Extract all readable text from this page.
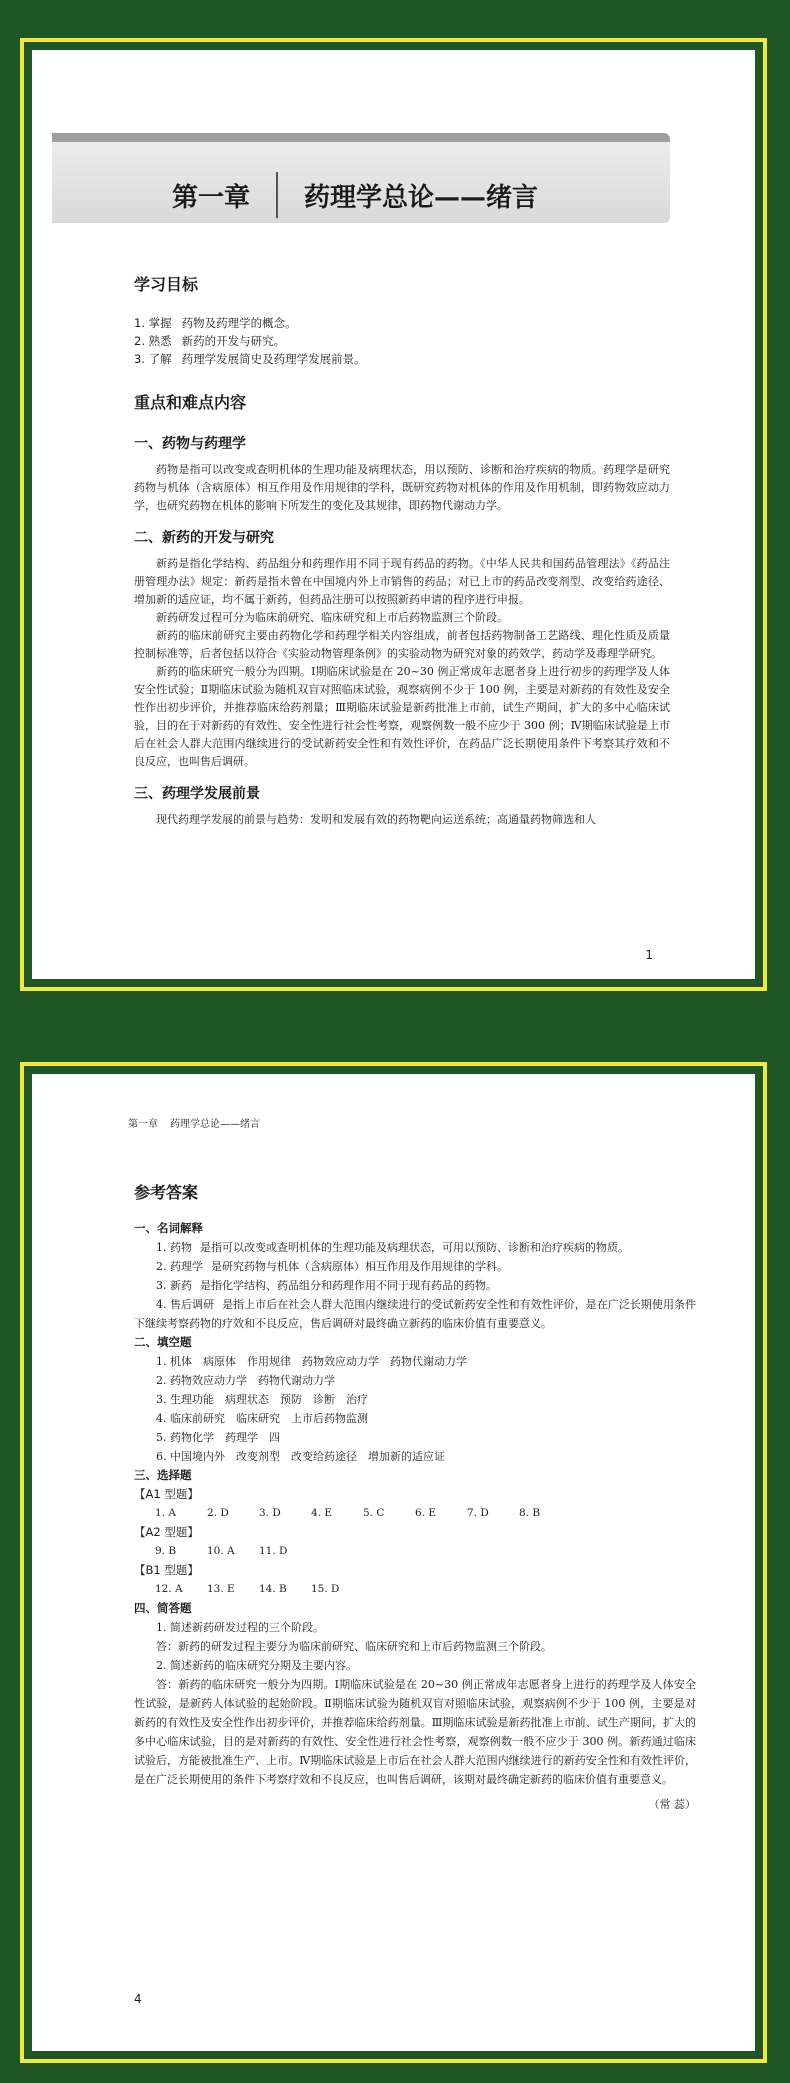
第一章 药理学总论——绪言
学习目标
1. 掌握 药物及药理学的概念。
2. 熟悉 新药的开发与研究。
3. 了解 药理学发展简史及药理学发展前景。
重点和难点内容
一、药物与药理学

药物是指可以改变或查明机体的生理功能及病理状态，用以预防、诊断和治疗疾病的物质。药理学是研究药物与机体（含病原体）相互作用及作用规律的学科，既研究药物对机体的作用及作用机制，即药物效应动力学，也研究药物在机体的影响下所发生的变化及其规律，即药物代谢动力学。

二、新药的开发与研究

新药是指化学结构、药品组分和药理作用不同于现有药品的药物。《中华人民共和国药品管理法》《药品注册管理办法》规定：新药是指未曾在中国境内外上市销售的药品；对已上市的药品改变剂型、改变给药途径、增加新的适应证，均不属于新药，但药品注册可以按照新药申请的程序进行申报。

新药研发过程可分为临床前研究、临床研究和上市后药物监测三个阶段。

新药的临床前研究主要由药物化学和药理学相关内容组成，前者包括药物制备工艺路线、理化性质及质量控制标准等，后者包括以符合《实验动物管理条例》的实验动物为研究对象的药效学、药动学及毒理学研究。

新药的临床研究一般分为四期。Ⅰ期临床试验是在 20~30 例正常成年志愿者身上进行初步的药理学及人体安全性试验；Ⅱ期临床试验为随机双盲对照临床试验，观察病例不少于 100 例，主要是对新药的有效性及安全性作出初步评价，并推荐临床给药剂量；Ⅲ期临床试验是新药批准上市前，试生产期间，扩大的多中心临床试验，目的在于对新药的有效性、安全性进行社会性考察，观察例数一般不应少于 300 例；Ⅳ期临床试验是上市后在社会人群大范围内继续进行的受试新药安全性和有效性评价，在药品广泛长期使用条件下考察其疗效和不良反应，也叫售后调研。

三、药理学发展前景

现代药理学发展的前景与趋势：发明和发展有效的药物靶向运送系统；高通量药物筛选和人

1
第一章 药理学总论——绪言
参考答案
一、名词解释

1. 药物 是指可以改变或查明机体的生理功能及病理状态，可用以预防、诊断和治疗疾病的物质。

2. 药理学 是研究药物与机体（含病原体）相互作用及作用规律的学科。

3. 新药 是指化学结构、药品组分和药理作用不同于现有药品的药物。

4. 售后调研 是指上市后在社会人群大范围内继续进行的受试新药安全性和有效性评价，是在广泛长期使用条件下继续考察药物的疗效和不良反应，售后调研对最终确立新药的临床价值有重要意义。

二、填空题
1. 机体　病原体　作用规律　药物效应动力学　药物代谢动力学
2. 药物效应动力学　药物代谢动力学
3. 生理功能　病理状态　预防　诊断　治疗
4. 临床前研究　临床研究　上市后药物监测
5. 药物化学　药理学　四
6. 中国境内外　改变剂型　改变给药途径　增加新的适应证
三、选择题
【A1 型题】
1. A	2. D	3. D	4. E	5. C	6. E	7. D	8. B
【A2 型题】
9. B	10. A	11. D
【B1 型题】
12. A	13. E	14. B	15. D
四、简答题

1. 简述新药研发过程的三个阶段。

答：新药的研发过程主要分为临床前研究、临床研究和上市后药物监测三个阶段。

2. 简述新药的临床研究分期及主要内容。

答：新药的临床研究一般分为四期。Ⅰ期临床试验是在 20~30 例正常成年志愿者身上进行的药理学及人体安全性试验，是新药人体试验的起始阶段。Ⅱ期临床试验为随机双盲对照临床试验，观察病例不少于 100 例，主要是对新药的有效性及安全性作出初步评价，并推荐临床给药剂量。Ⅲ期临床试验是新药批准上市前、试生产期间，扩大的多中心临床试验，目的是对新药的有效性、安全性进行社会性考察，观察例数一般不应少于 300 例。新药通过临床试验后，方能被批准生产、上市。Ⅳ期临床试验是上市后在社会人群大范围内继续进行的新药安全性和有效性评价，是在广泛长期使用的条件下考察疗效和不良反应，也叫售后调研，该期对最终确定新药的临床价值有重要意义。

（常 蕊）
4
